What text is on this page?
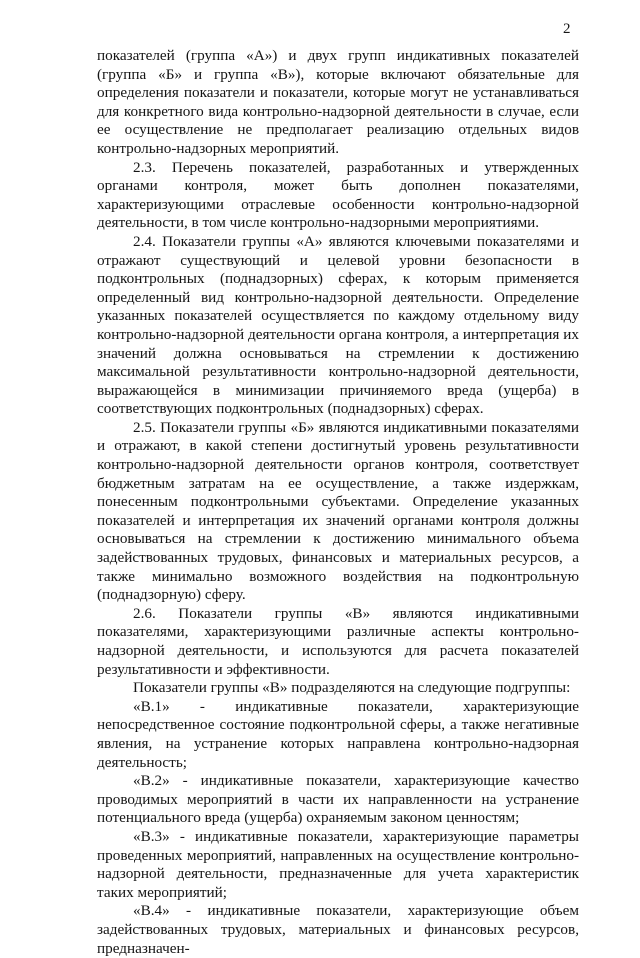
2

показателей (группа «А») и двух групп индикативных показателей (группа «Б» и группа «В»), которые включают обязательные для определения показатели и показатели, которые могут не устанавливаться для конкретного вида контрольно-надзорной деятельности в случае, если ее осуществление не предполагает реализацию отдельных видов контрольно-надзорных мероприятий.

2.3. Перечень показателей, разработанных и утвержденных органами контроля, может быть дополнен показателями, характеризующими отраслевые особенности контрольно-надзорной деятельности, в том числе контрольно-надзорными мероприятиями.

2.4. Показатели группы «А» являются ключевыми показателями и отражают существующий и целевой уровни безопасности в подконтрольных (поднадзорных) сферах, к которым применяется определенный вид контрольно-надзорной деятельности. Определение указанных показателей осуществляется по каждому отдельному виду контрольно-надзорной деятельности органа контроля, а интерпретация их значений должна основываться на стремлении к достижению максимальной результативности контрольно-надзорной деятельности, выражающейся в минимизации причиняемого вреда (ущерба) в соответствующих подконтрольных (поднадзорных) сферах.

2.5. Показатели группы «Б» являются индикативными показателями и отражают, в какой степени достигнутый уровень результативности контрольно-надзорной деятельности органов контроля, соответствует бюджетным затратам на ее осуществление, а также издержкам, понесенным подконтрольными субъектами. Определение указанных показателей и интерпретация их значений органами контроля должны основываться на стремлении к достижению минимального объема задействованных трудовых, финансовых и материальных ресурсов, а также минимально возможного воздействия на подконтрольную (поднадзорную) сферу.

2.6. Показатели группы «В» являются индикативными показателями, характеризующими различные аспекты контрольно-надзорной деятельности, и используются для расчета показателей результативности и эффективности.

Показатели группы «В» подразделяются на следующие подгруппы:

«В.1» - индикативные показатели, характеризующие непосредственное состояние подконтрольной сферы, а также негативные явления, на устранение которых направлена контрольно-надзорная деятельность;

«В.2» - индикативные показатели, характеризующие качество проводимых мероприятий в части их направленности на устранение потенциального вреда (ущерба) охраняемым законом ценностям;

«В.3» - индикативные показатели, характеризующие параметры проведенных мероприятий, направленных на осуществление контрольно-надзорной деятельности, предназначенные для учета характеристик таких мероприятий;

«В.4» - индикативные показатели, характеризующие объем задействованных трудовых, материальных и финансовых ресурсов, предназначен-
